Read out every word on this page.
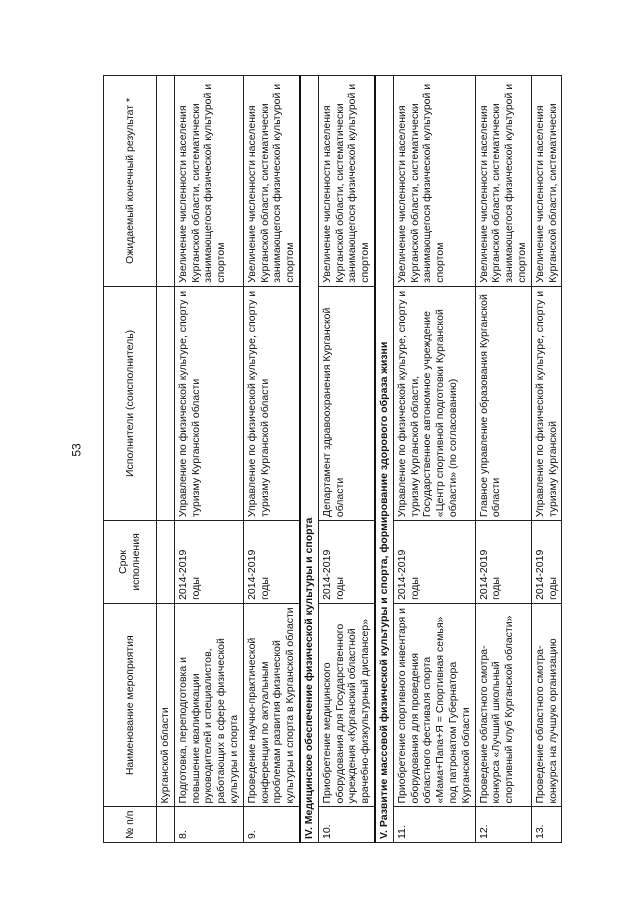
53
№ п/п	Наименование мероприятия	Срок исполнения	Исполнители (соисполнитель)	Ожидаемый конечный результат *
	Курганской области			
8.	Подготовка, переподготовка и повышение квалификации руководителей и специалистов, работающих в сфере физической культуры и спорта	2014-2019 годы	Управление по физической культуре, спорту и туризму Курганской области	Увеличение численности населения Курганской области, систематически занимающегося физической культурой и спортом
9.	Проведение научно-практической конференции по актуальным проблемам развития физической культуры и спорта в Курганской области	2014-2019 годы	Управление по физической культуре, спорту и туризму Курганской области	Увеличение численности населения Курганской области, систематически занимающегося физической культурой и спортом
IV. Медицинское обеспечение физической культуры и спорта				
10.	Приобретение медицинского оборудования для Государственного учреждения «Курганский областной врачебно-физкультурный диспансер»	2014-2019 годы	Департамент здравоохранения Курганской области	Увеличение численности населения Курганской области, систематически занимающегося физической культурой и спортом
V. Развитие массовой физической культуры и спорта, формирование здорового образа жизни				
11.	Приобретение спортивного инвентаря и оборудования для проведения областного фестиваля спорта «Мама+Папа+Я = Спортивная семья» под патронатом Губернатора Курганской области	2014-2019 годы	Управление по физической культуре, спорту и туризму Курганской области, Государственное автономное учреждение «Центр спортивной подготовки Курганской области» (по согласованию)	Увеличение численности населения Курганской области, систематически занимающегося физической культурой и спортом
12.	Проведение областного смотра-конкурса «Лучший школьный спортивный клуб Курганской области»	2014-2019 годы	Главное управление образования Курганской области	Увеличение численности населения Курганской области, систематически занимающегося физической культурой и спортом
13.	Проведение областного смотра-конкурса на лучшую организацию	2014-2019 годы	Управление по физической культуре, спорту и туризму Курганской	Увеличение численности населения Курганской области, систематически
